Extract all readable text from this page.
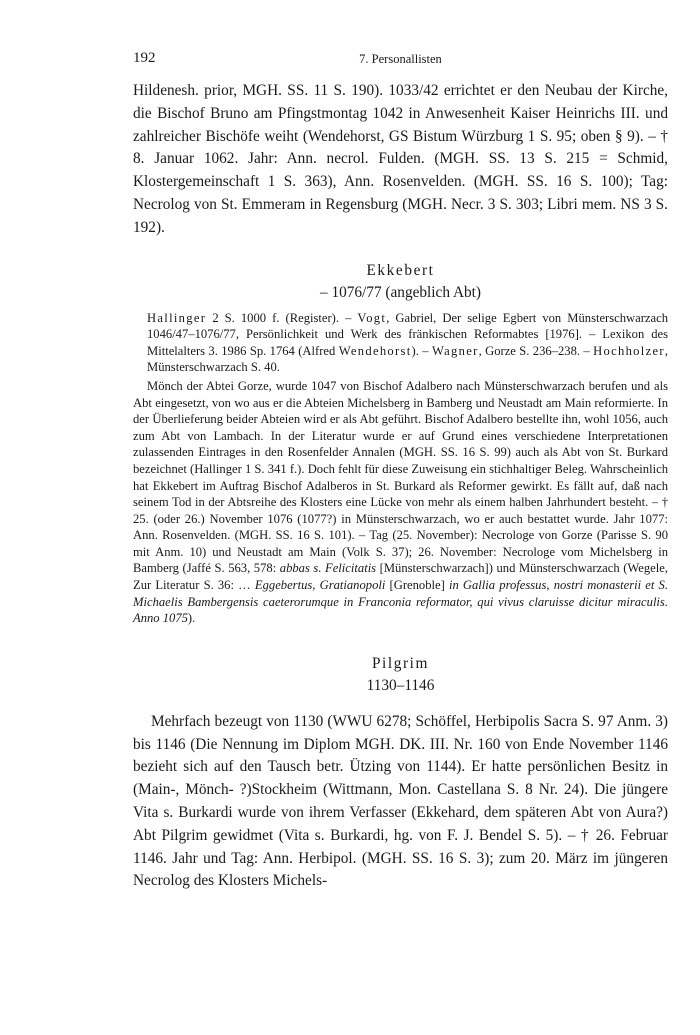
192	7. Personallisten

Hildenesh. prior, MGH. SS. 11 S. 190). 1033/42 errichtet er den Neubau der Kirche, die Bischof Bruno am Pfingstmontag 1042 in Anwesenheit Kaiser Heinrichs III. und zahlreicher Bischöfe weiht (Wendehorst, GS Bistum Würzburg 1 S. 95; oben § 9). – † 8. Januar 1062. Jahr: Ann. necrol. Fulden. (MGH. SS. 13 S. 215 = Schmid, Klostergemeinschaft 1 S. 363), Ann. Rosenvelden. (MGH. SS. 16 S. 100); Tag: Necrolog von St. Emmeram in Regensburg (MGH. Necr. 3 S. 303; Libri mem. NS 3 S. 192).

Ekkebert

– 1076/77 (angeblich Abt)

Hallinger 2 S. 1000 f. (Register). – Vogt, Gabriel, Der selige Egbert von Münsterschwarzach 1046/47–1076/77, Persönlichkeit und Werk des fränkischen Reformabtes [1976]. – Lexikon des Mittelalters 3. 1986 Sp. 1764 (Alfred Wendehorst). – Wagner, Gorze S. 236–238. – Hochholzer, Münsterschwarzach S. 40.

Mönch der Abtei Gorze, wurde 1047 von Bischof Adalbero nach Münsterschwarzach berufen und als Abt eingesetzt, von wo aus er die Abteien Michelsberg in Bamberg und Neustadt am Main reformierte. In der Überlieferung beider Abteien wird er als Abt geführt. Bischof Adalbero bestellte ihn, wohl 1056, auch zum Abt von Lambach. In der Literatur wurde er auf Grund eines verschiedene Interpretationen zulassenden Eintrages in den Rosenfelder Annalen (MGH. SS. 16 S. 99) auch als Abt von St. Burkard bezeichnet (Hallinger 1 S. 341 f.). Doch fehlt für diese Zuweisung ein stichhaltiger Beleg. Wahrscheinlich hat Ekkebert im Auftrag Bischof Adalberos in St. Burkard als Reformer gewirkt. Es fällt auf, daß nach seinem Tod in der Abtsreihe des Klosters eine Lücke von mehr als einem halben Jahrhundert besteht. – † 25. (oder 26.) November 1076 (1077?) in Münsterschwarzach, wo er auch bestattet wurde. Jahr 1077: Ann. Rosenvelden. (MGH. SS. 16 S. 101). – Tag (25. November): Necrologe von Gorze (Parisse S. 90 mit Anm. 10) und Neustadt am Main (Volk S. 37); 26. November: Necrologe vom Michelsberg in Bamberg (Jaffé S. 563, 578: abbas s. Felicitatis [Münsterschwarzach]) und Münsterschwarzach (Wegele, Zur Literatur S. 36: … Eggebertus, Gratianopoli [Grenoble] in Gallia professus, nostri monasterii et S. Michaelis Bambergensis caeterorumque in Franconia reformator, qui vivus claruisse dicitur miraculis. Anno 1075).

Pilgrim

1130–1146

Mehrfach bezeugt von 1130 (WWU 6278; Schöffel, Herbipolis Sacra S. 97 Anm. 3) bis 1146 (Die Nennung im Diplom MGH. DK. III. Nr. 160 von Ende November 1146 bezieht sich auf den Tausch betr. Ützing von 1144). Er hatte persönlichen Besitz in (Main-, Mönch- ?)Stockheim (Wittmann, Mon. Castellana S. 8 Nr. 24). Die jüngere Vita s. Burkardi wurde von ihrem Verfasser (Ekkehard, dem späteren Abt von Aura?) Abt Pilgrim gewidmet (Vita s. Burkardi, hg. von F. J. Bendel S. 5). – † 26. Februar 1146. Jahr und Tag: Ann. Herbipol. (MGH. SS. 16 S. 3); zum 20. März im jüngeren Necrolog des Klosters Michels-
